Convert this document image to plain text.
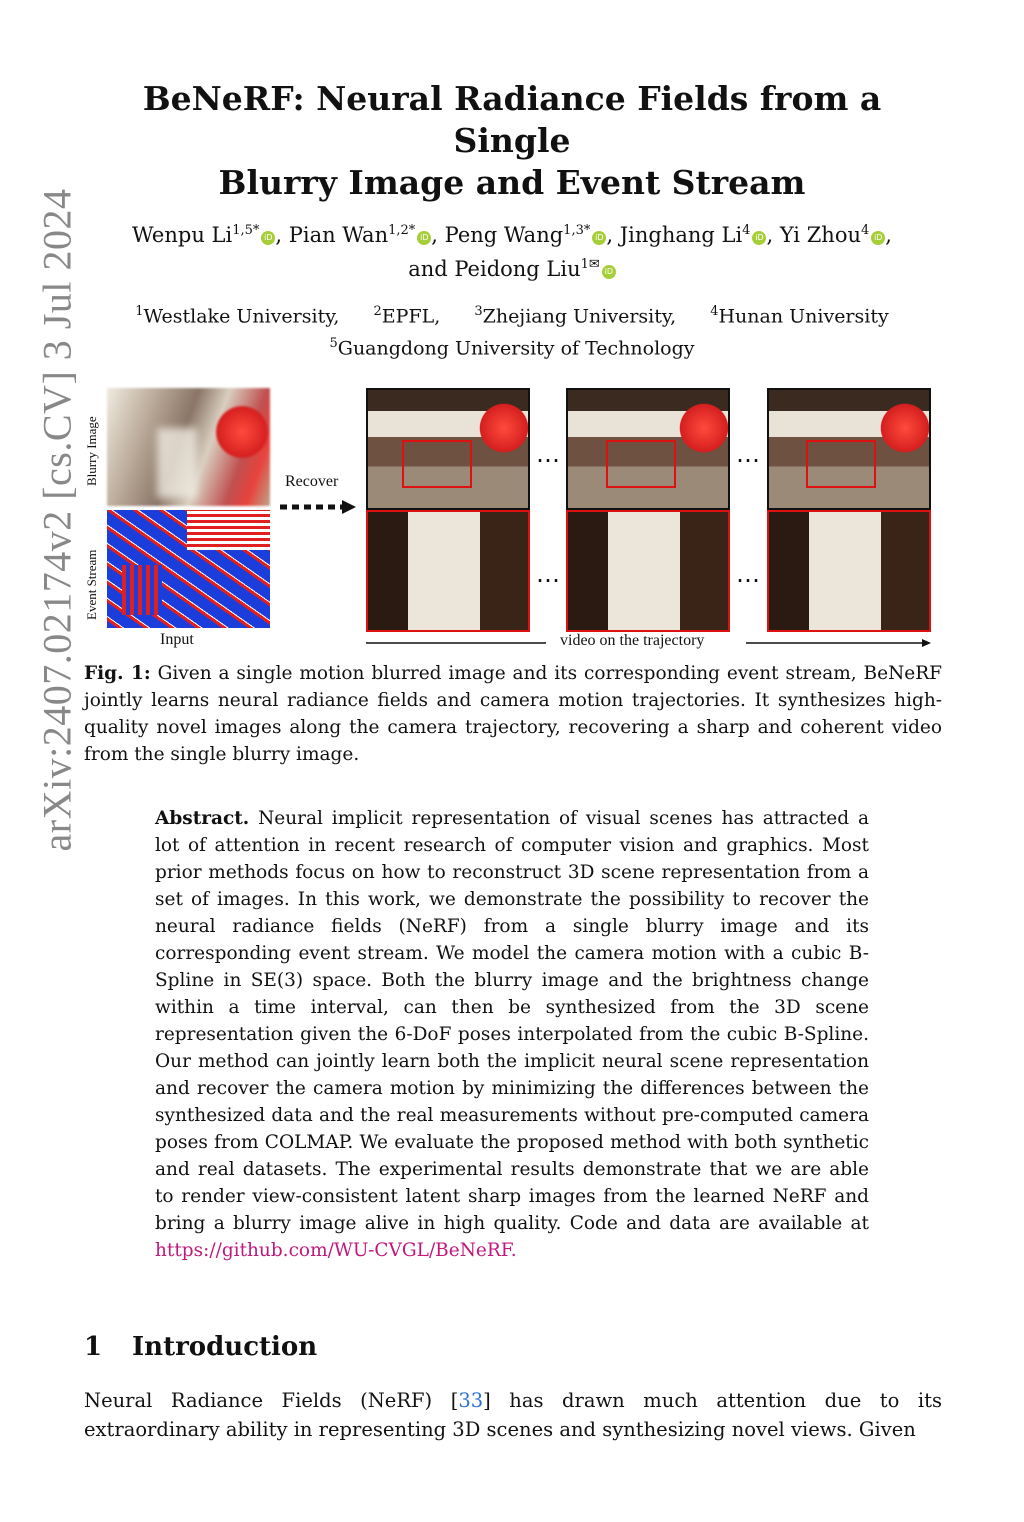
arXiv:2407.02174v2 [cs.CV] 3 Jul 2024
BeNeRF: Neural Radiance Fields from a Single
Blurry Image and Event Stream
Wenpu $Li^{1,5*}$ iD , Pian Wan$^{1,2*}$ iD , Peng Wang$^{1,3*}$ iD , Jinghang Li$^4$ iD , Yi Zhou$^4$ iD ,
and Peidong Liu$^{1✉}$ iD
$^1$Westlake University,	$^2$EPFL,	$^3$Zhejiang University,	$^4$Hunan University
$^5$Guangdong University of Technology
Blurry Image
Event Stream
Input
Recover
…	…
…	…
video on the trajectory
Fig. 1: Given a single motion blurred image and its corresponding event stream, BeNeRF jointly learns neural radiance fields and camera motion trajectories. It synthesizes high-quality novel images along the camera trajectory, recovering a sharp and coherent video from the single blurry image.
Abstract. Neural implicit representation of visual scenes has attracted a lot of attention in recent research of computer vision and graphics. Most prior methods focus on how to reconstruct 3D scene representation from a set of images. In this work, we demonstrate the possibility to recover the neural radiance fields (NeRF) from a single blurry image and its corresponding event stream. We model the camera motion with a cubic B-Spline in SE(3) space. Both the blurry image and the brightness change within a time interval, can then be synthesized from the 3D scene representation given the 6-DoF poses interpolated from the cubic B-Spline. Our method can jointly learn both the implicit neural scene representation and recover the camera motion by minimizing the differences between the synthesized data and the real measurements without pre-computed camera poses from COLMAP. We evaluate the proposed method with both synthetic and real datasets. The experimental results demonstrate that we are able to render view-consistent latent sharp images from the learned NeRF and bring a blurry image alive in high quality. Code and data are available at https://github.com/WU-CVGL/BeNeRF.
1 Introduction
Neural Radiance Fields (NeRF) [33] has drawn much attention due to its extraordinary ability in representing 3D scenes and synthesizing novel views. Given
